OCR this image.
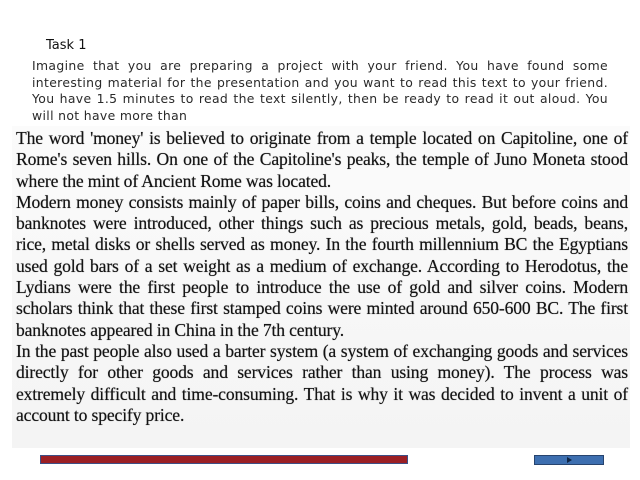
Task 1

Imagine that you are preparing a project with your friend. You have found some interesting material for the presentation and you want to read this text to your friend. You have 1.5 minutes to read the text silently, then be ready to read it out aloud. You will not have more than

The word 'money' is believed to originate from a temple located on Capitoline, one of Rome's seven hills. On one of the Capitoline's peaks, the temple of Juno Moneta stood where the mint of Ancient Rome was located.

Modern money consists mainly of paper bills, coins and cheques. But before coins and banknotes were introduced, other things such as precious metals, gold, beads, beans, rice, metal disks or shells served as money. In the fourth millennium BC the Egyptians used gold bars of a set weight as a medium of exchange. According to Herodotus, the Lydians were the first people to introduce the use of gold and silver coins. Modern scholars think that these first stamped coins were minted around 650-600 BC. The first banknotes appeared in China in the 7th century.

In the past people also used a barter system (a system of exchanging goods and services directly for other goods and services rather than using money). The process was extremely difficult and time-consuming. That is why it was decided to invent a unit of account to specify price.
